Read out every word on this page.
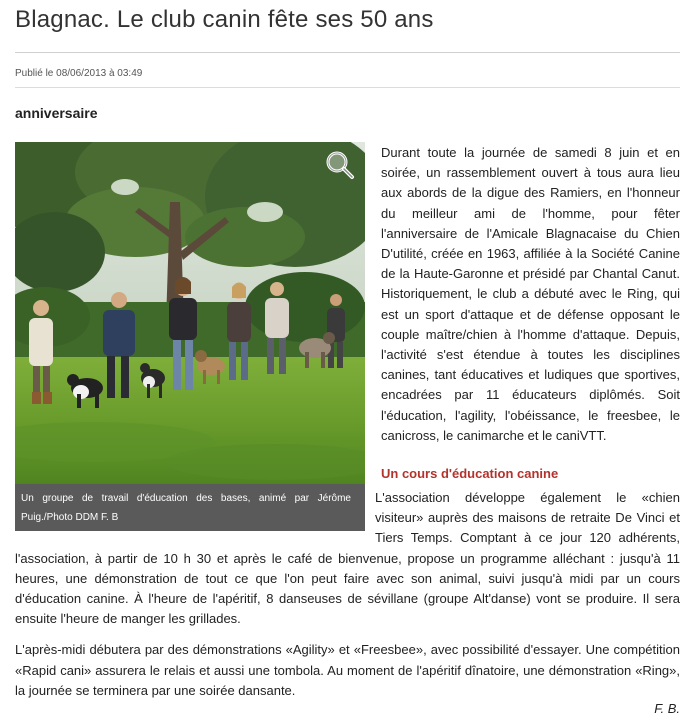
Blagnac. Le club canin fête ses 50 ans
Publié le 08/06/2013 à 03:49
anniversaire
Un groupe de travail d'éducation des bases, animé par Jérôme Puig./Photo DDM F. B

Durant toute la journée de samedi 8 juin et en soirée, un rassemblement ouvert à tous aura lieu aux abords de la digue des Ramiers, en l'honneur du meilleur ami de l'homme, pour fêter l'anniversaire de l'Amicale Blagnacaise du Chien D'utilité, créée en 1963, affiliée à la Société Canine de la Haute-Garonne et présidé par Chantal Canut. Historiquement, le club a débuté avec le Ring, qui est un sport d'attaque et de défense opposant le couple maître/chien à l'homme d'attaque. Depuis, l'activité s'est étendue à toutes les disciplines canines, tant éducatives et ludiques que sportives, encadrées par 11 éducateurs diplômés. Soit l'éducation, l'agility, l'obéissance, le freesbee, le canicross, le canimarche et le caniVTT.

Un cours d'éducation canine

L'association développe également le «chien visiteur» auprès des maisons de retraite De Vinci et Tiers Temps. Comptant à ce jour 120 adhérents, l'association, à partir de 10 h 30 et après le café de bienvenue, propose un programme alléchant : jusqu'à 11 heures, une démonstration de tout ce que l'on peut faire avec son animal, suivi jusqu'à midi par un cours d'éducation canine. À l'heure de l'apéritif, 8 danseuses de sévillane (groupe Alt'danse) vont se produire. Il sera ensuite l'heure de manger les grillades.

L'après-midi débutera par des démonstrations «Agility» et «Freesbee», avec possibilité d'essayer. Une compétition «Rapid cani» assurera le relais et aussi une tombola. Au moment de l'apéritif dînatoire, une démonstration «Ring», la journée se terminera par une soirée dansante.

F. B.
